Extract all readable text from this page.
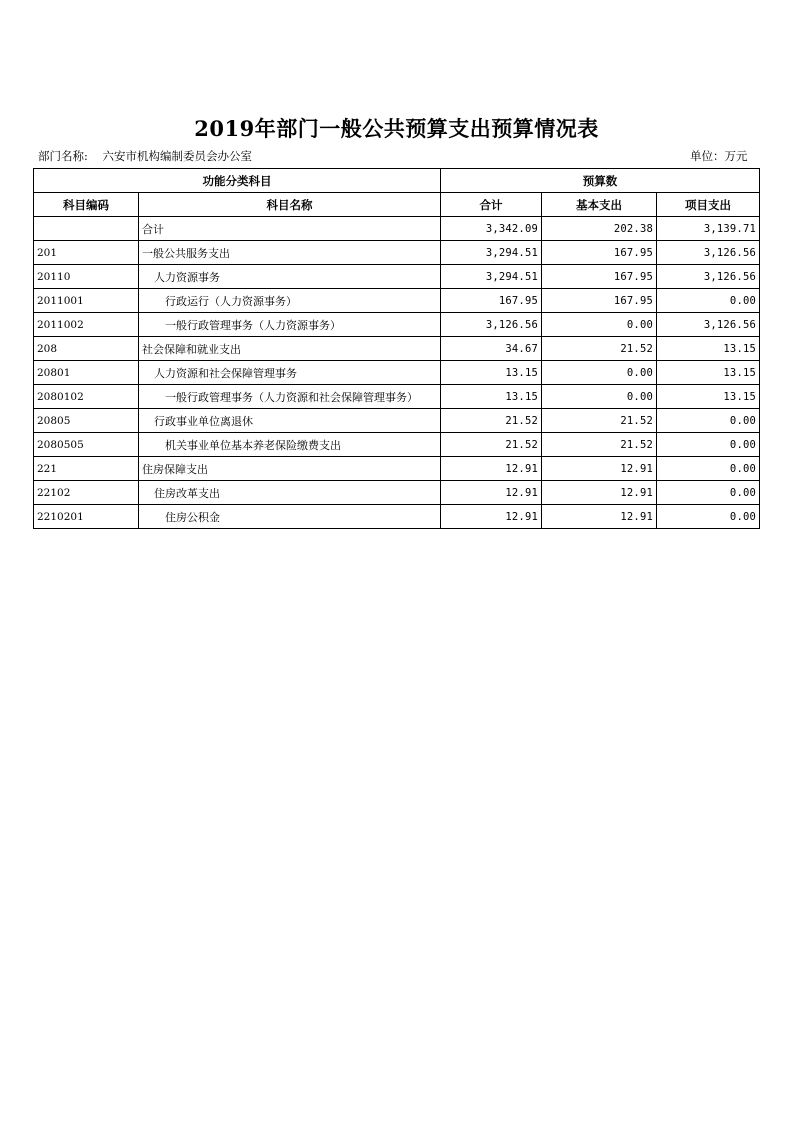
2019年部门一般公共预算支出预算情况表
部门名称: 六安市机构编制委员会办公室	单位：万元
功能分类科目		预算数		
科目编码	科目名称	合计	基本支出	项目支出
	合计	3,342.09	202.38	3,139.71
201	一般公共服务支出	3,294.51	167.95	3,126.56
20110	人力资源事务	3,294.51	167.95	3,126.56
2011001	行政运行（人力资源事务）	167.95	167.95	0.00
2011002	一般行政管理事务（人力资源事务）	3,126.56	0.00	3,126.56
208	社会保障和就业支出	34.67	21.52	13.15
20801	人力资源和社会保障管理事务	13.15	0.00	13.15
2080102	一般行政管理事务（人力资源和社会保障管理事务）	13.15	0.00	13.15
20805	行政事业单位离退休	21.52	21.52	0.00
2080505	机关事业单位基本养老保险缴费支出	21.52	21.52	0.00
221	住房保障支出	12.91	12.91	0.00
22102	住房改革支出	12.91	12.91	0.00
2210201	住房公积金	12.91	12.91	0.00
